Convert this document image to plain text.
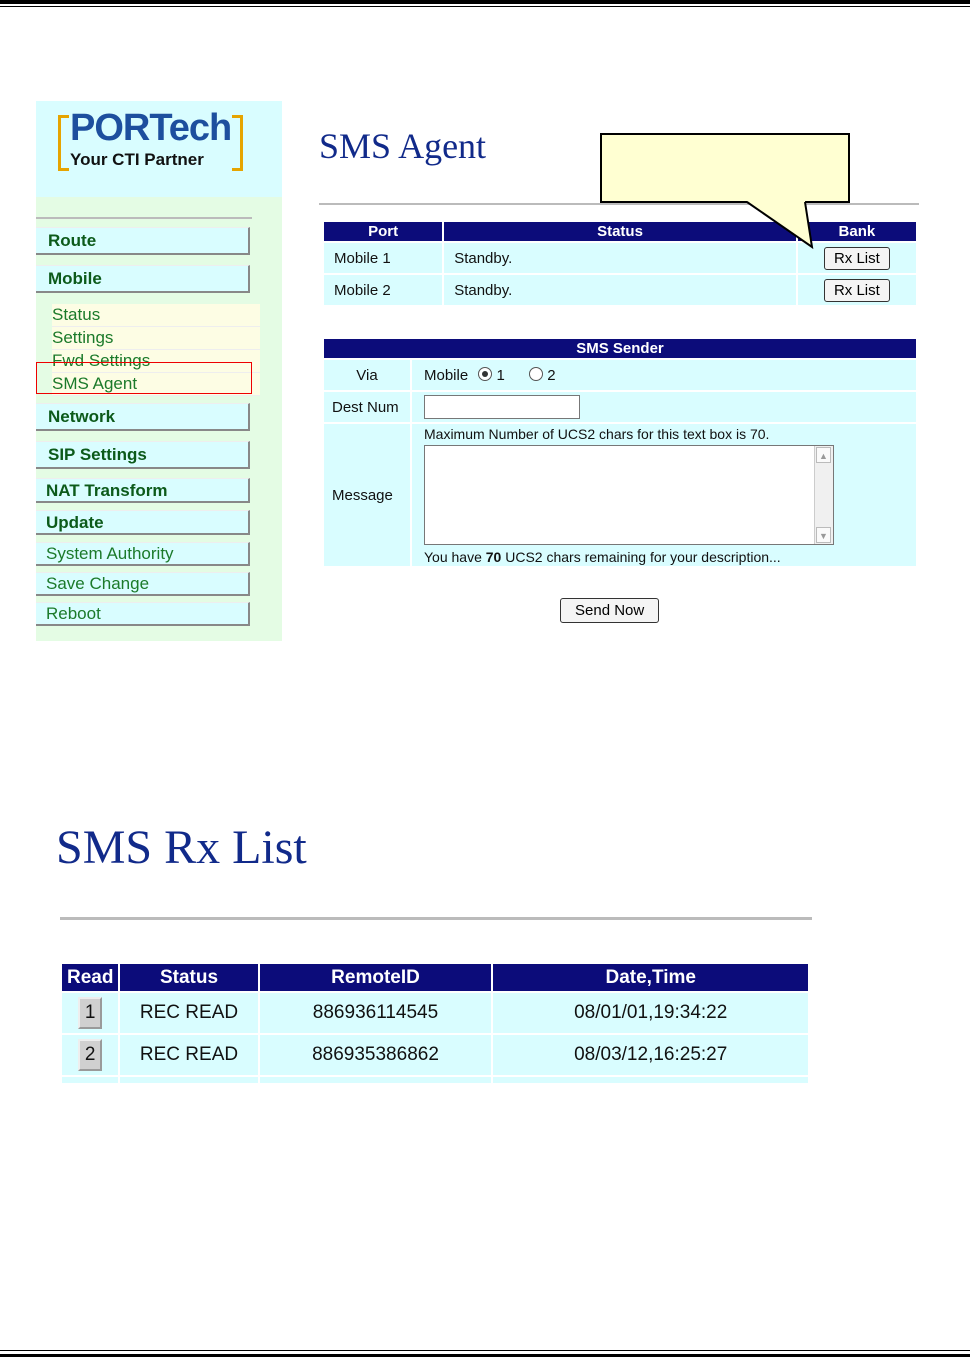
PORTech
Your CTI Partner
Route
Mobile
Status
Settings
Fwd Settings
SMS Agent
Network
SIP Settings
NAT Transform
Update
System Authority
Save Change
Reboot
SMS Agent
Port	Status	Bank
Mobile 1	Standby.	Rx List
Mobile 2	Standby.	Rx List
SMS Sender	
Via	Mobile 1 2
Dest Num	
Message	Maximum Number of UCS2 chars for this text box is 70.
▲
▼
You have 70 UCS2 chars remaining for your description...
Send Now
SMS Rx List
Read	Status	RemoteID	Date,Time
1	REC READ	886936114545	08/01/01,19:34:22
2	REC READ	886935386862	08/03/12,16:25:27
